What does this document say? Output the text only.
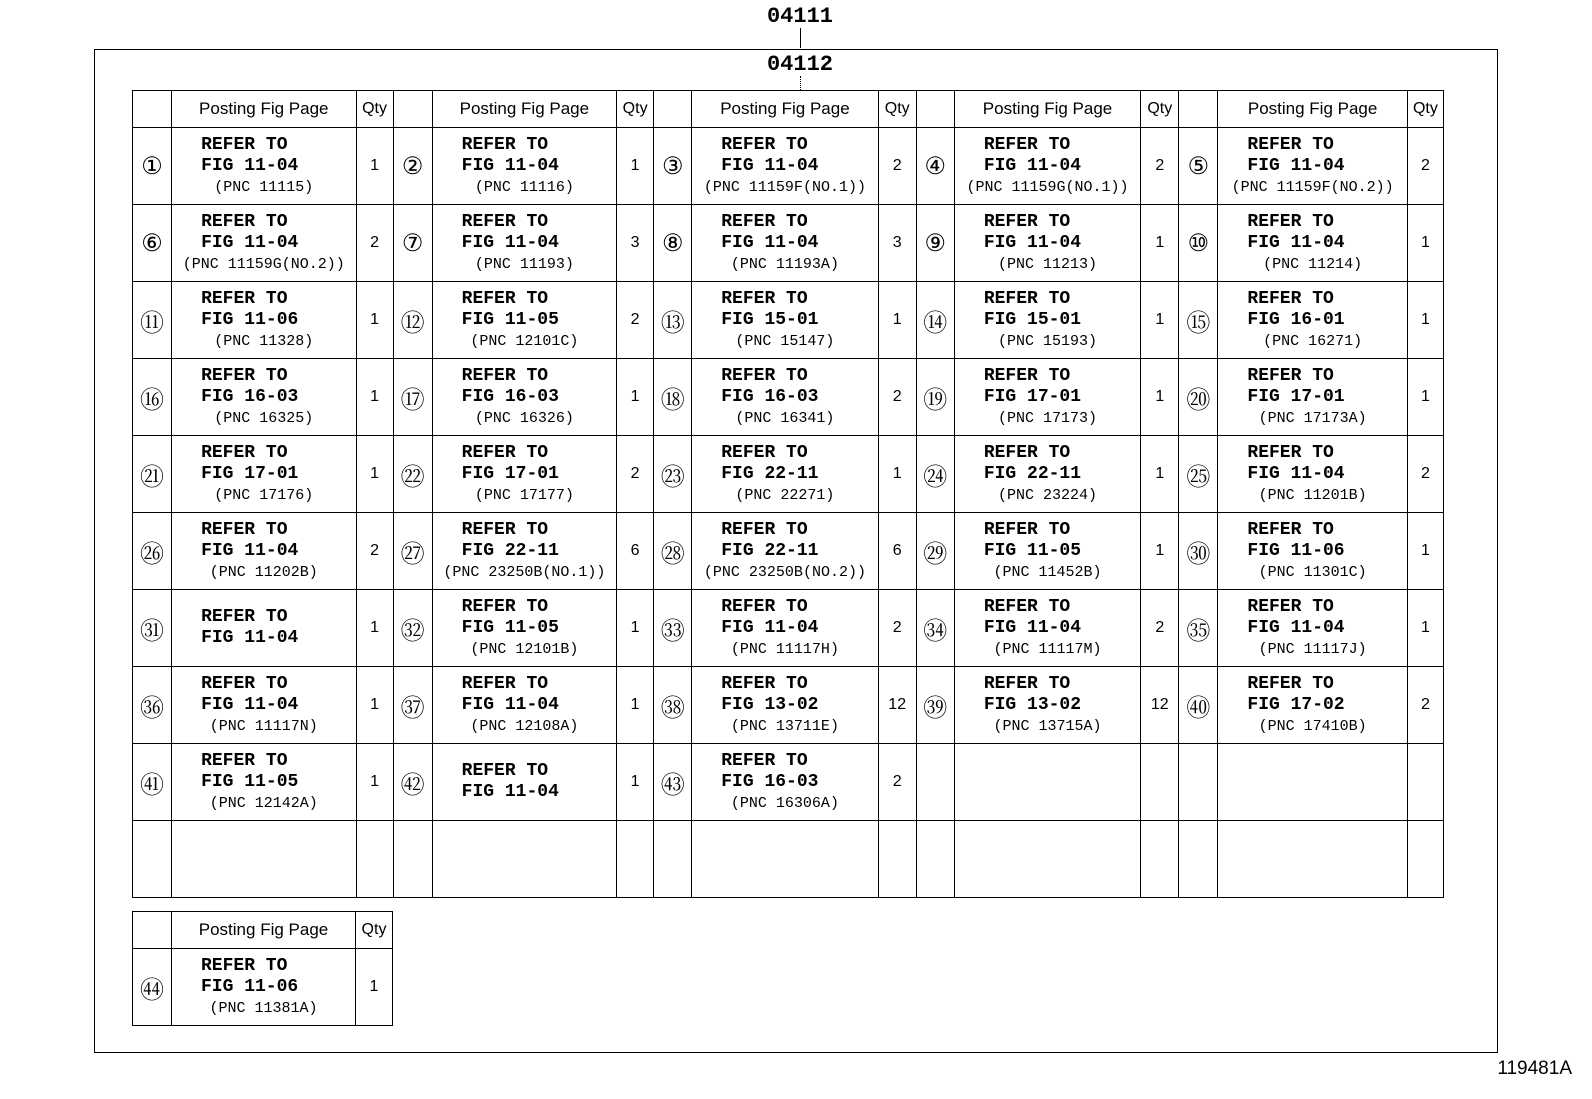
04111
04112
	Posting Fig Page	Qty		Posting Fig Page	Qty		Posting Fig Page	Qty		Posting Fig Page	Qty		Posting Fig Page	Qty
①	REFER TO
FIG 11-04
(PNC 11115)	1	②	REFER TO
FIG 11-04
(PNC 11116)	1	③	REFER TO
FIG 11-04
(PNC 11159F(NO.1))	2	④	REFER TO
FIG 11-04
(PNC 11159G(NO.1))	2	⑤	REFER TO
FIG 11-04
(PNC 11159F(NO.2))	2
⑥	REFER TO
FIG 11-04
(PNC 11159G(NO.2))	2	⑦	REFER TO
FIG 11-04
(PNC 11193)	3	⑧	REFER TO
FIG 11-04
(PNC 11193A)	3	⑨	REFER TO
FIG 11-04
(PNC 11213)	1	⑩	REFER TO
FIG 11-04
(PNC 11214)	1
⑪	REFER TO
FIG 11-06
(PNC 11328)	1	⑫	REFER TO
FIG 11-05
(PNC 12101C)	2	⑬	REFER TO
FIG 15-01
(PNC 15147)	1	⑭	REFER TO
FIG 15-01
(PNC 15193)	1	⑮	REFER TO
FIG 16-01
(PNC 16271)	1
⑯	REFER TO
FIG 16-03
(PNC 16325)	1	⑰	REFER TO
FIG 16-03
(PNC 16326)	1	⑱	REFER TO
FIG 16-03
(PNC 16341)	2	⑲	REFER TO
FIG 17-01
(PNC 17173)	1	⑳	REFER TO
FIG 17-01
(PNC 17173A)	1
㉑	REFER TO
FIG 17-01
(PNC 17176)	1	㉒	REFER TO
FIG 17-01
(PNC 17177)	2	㉓	REFER TO
FIG 22-11
(PNC 22271)	1	㉔	REFER TO
FIG 22-11
(PNC 23224)	1	㉕	REFER TO
FIG 11-04
(PNC 11201B)	2
㉖	REFER TO
FIG 11-04
(PNC 11202B)	2	㉗	REFER TO
FIG 22-11
(PNC 23250B(NO.1))	6	㉘	REFER TO
FIG 22-11
(PNC 23250B(NO.2))	6	㉙	REFER TO
FIG 11-05
(PNC 11452B)	1	㉚	REFER TO
FIG 11-06
(PNC 11301C)	1
㉛	REFER TO
FIG 11-04	1	㉜	REFER TO
FIG 11-05
(PNC 12101B)	1	㉝	REFER TO
FIG 11-04
(PNC 11117H)	2	㉞	REFER TO
FIG 11-04
(PNC 11117M)	2	㉟	REFER TO
FIG 11-04
(PNC 11117J)	1
㊱	REFER TO
FIG 11-04
(PNC 11117N)	1	㊲	REFER TO
FIG 11-04
(PNC 12108A)	1	㊳	REFER TO
FIG 13-02
(PNC 13711E)	12	㊴	REFER TO
FIG 13-02
(PNC 13715A)	12	㊵	REFER TO
FIG 17-02
(PNC 17410B)	2
㊶	REFER TO
FIG 11-05
(PNC 12142A)	1	㊷	REFER TO
FIG 11-04	1	㊸	REFER TO
FIG 16-03
(PNC 16306A)	2						

	Posting Fig Page	Qty
㊹	REFER TO
FIG 11-06
(PNC 11381A)	1
119481A
